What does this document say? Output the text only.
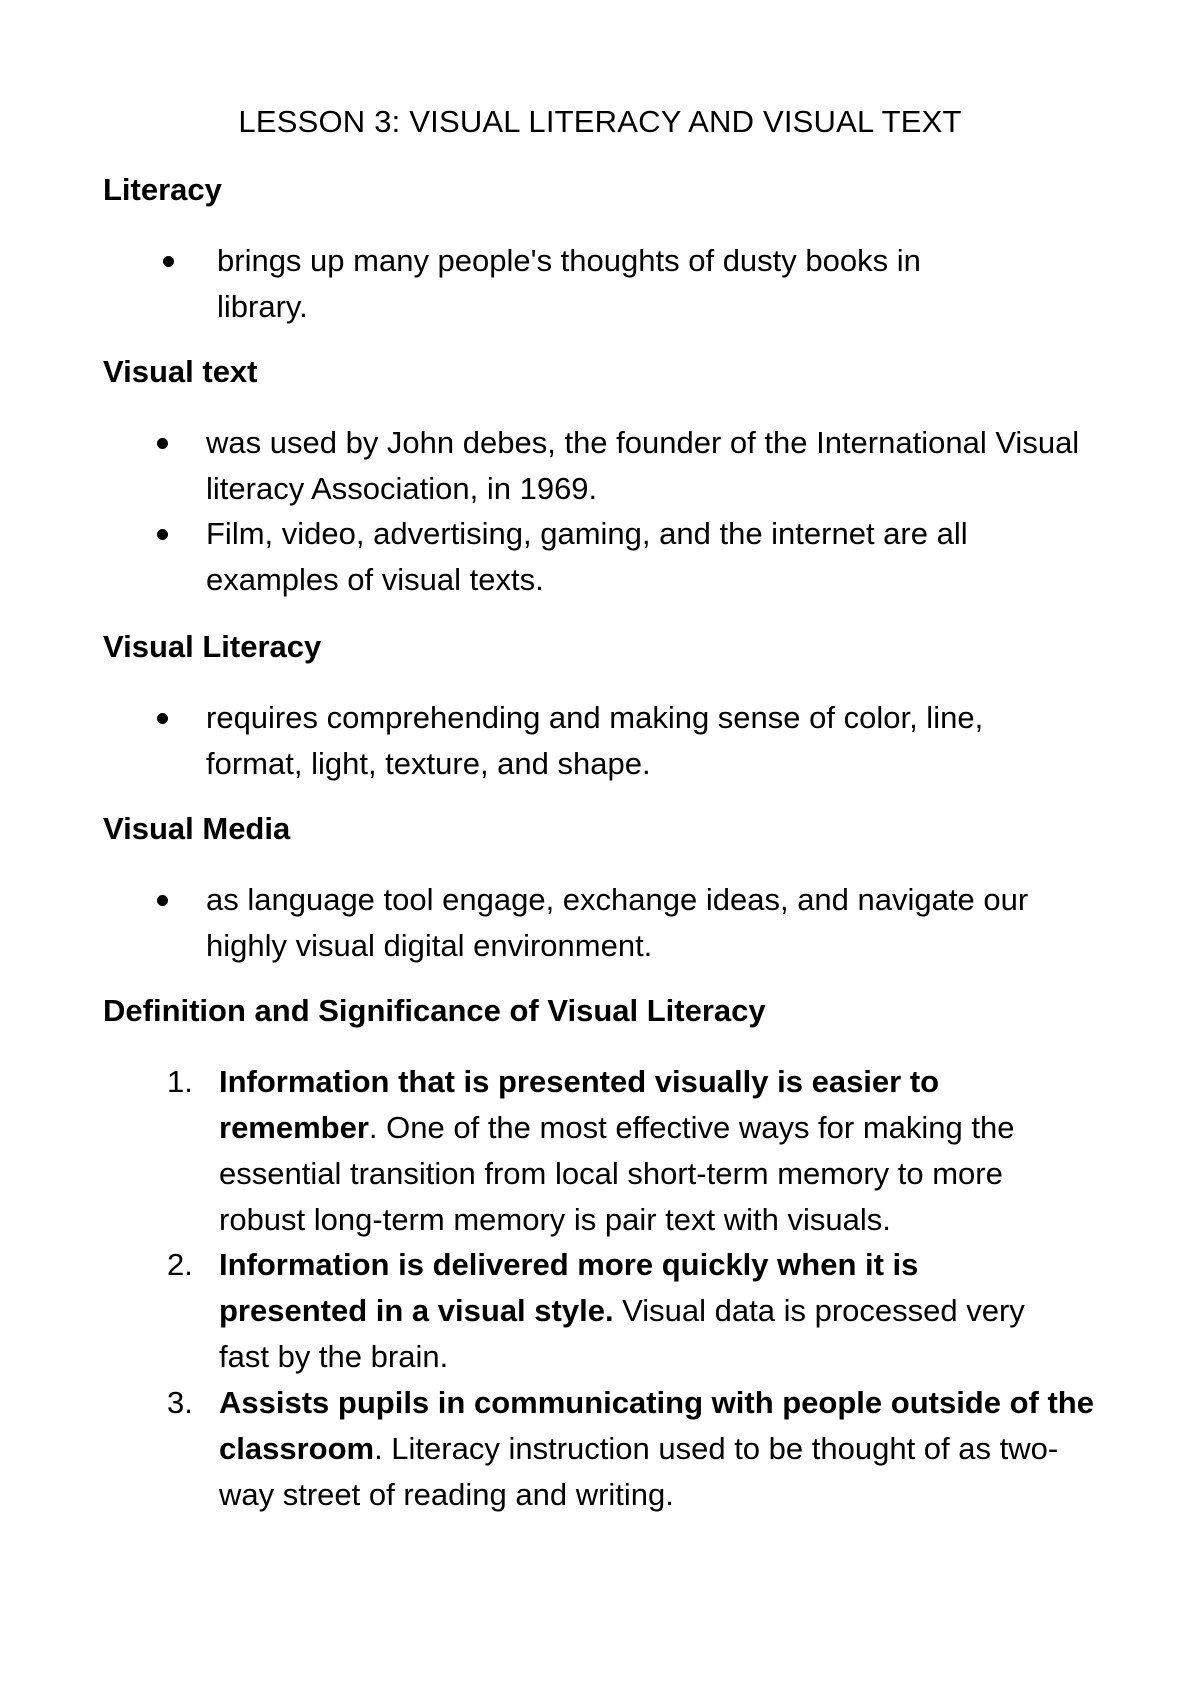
LESSON 3: VISUAL LITERACY AND VISUAL TEXT
Literacy
brings up many people's thoughts of dusty books in library.
Visual text
was used by John debes, the founder of the International Visual literacy Association, in 1969.
Film, video, advertising, gaming, and the internet are all examples of visual texts.
Visual Literacy
requires comprehending and making sense of color, line, format, light, texture, and shape.
Visual Media
as language tool engage, exchange ideas, and navigate our highly visual digital environment.
Definition and Significance of Visual Literacy
1. Information that is presented visually is easier to remember. One of the most effective ways for making the essential transition from local short-term memory to more robust long-term memory is pair text with visuals.
2. Information is delivered more quickly when it is presented in a visual style. Visual data is processed very fast by the brain.
3. Assists pupils in communicating with people outside of the classroom. Literacy instruction used to be thought of as two-way street of reading and writing.
